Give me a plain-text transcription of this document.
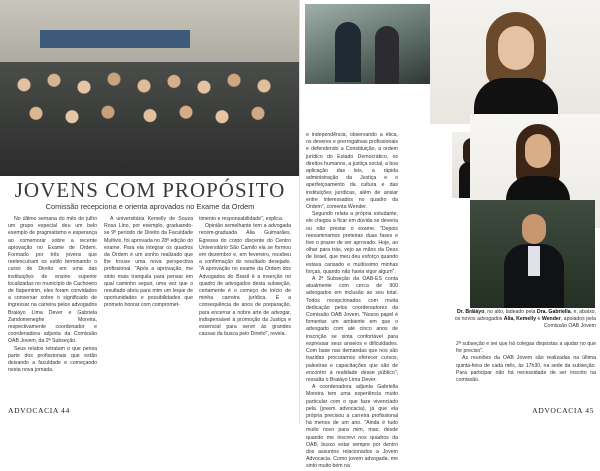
JOVENS COM PROPÓSITO
Comissão recepciona e orienta aprovados no Exame da Ordem

No último semana do mês de julho um grupo especial deu um belo exemplo de pragmatismo e esperança ao comemorar sobre a recente aprovação no Exame de Ordem. Formado por três jovens que reelencuíram os estilo terminando o curso de Direito em uma das instituições de ensino superior localizadas no município de Cachoeiro de Itapemirim, eles foram convidados a conversar sobre o significado de ingressar na carreira pelos advogados Braiáyo Lima Dever e Gabriela Zandomeneghe Moreira, respectivamente coordenador e coordenadora adjunta da Comissão OAB Jovem, da 2ª Subseção.

Seus relatos retratam o que pensa parte dos profissionais que estão deixando a faculdade e começando nesta nova jornada.

A universitária Kemelly de Souza Rosa Lino, por exemplo, graduando-se 9º período de Direito da Faculdade Multivix, foi aprovada no 28º edição do exame. Para ela integrar os quadros da Ordem é um sonho realizado que lhe trouxe uma nova perspectiva profissional. "Após a aprovação, me sinto mais tranquila para pensar em qual caminho seguir, uma vez que o resultado abriu para mim um leque de oportunidades e possibilidades que prometo honrar com compromet-

timento e responsabilidade", explica.

Opinião semelhante tem a advogada recém-graduada Alia Guimarães. Egressa do corpo discente do Centro Universitário São Camilo ela se formou em dezembro e, em fevereiro, recebeu a confirmação do resultado desejado. "A aprovação no exame da Ordem dos Advogados do Brasil é a inserção no quadro de advogados desta subseção, certamente é o começo de início de minha carreira jurídica. É a consequência de anos de preparação, para encerrar a nobre arte de advogar, indispensável à promoção da Justiça e essencial para servir às grandes causas da busca pelo Direito", revela.

ADVOCACIA 44

e independência, observando a ética, os deveres e prerrogativas profissionais e defendendo a Constituição, a ordem jurídico do Estado Democrático, os direitos humanos, a justiça social, a boa aplicação das leis, a rápida administração da Justiça e o aperfeiçoamento da cultura e das instituições jurídicas, além de ansiar entre interessados no quadro da Ordem", comenta Wender.

Segundo relata a própria estudante, ele chegou a ficar em dúvida se deveria ou não prestar o exame. "Depois reexaminamos preteiras duas fases e tive o prazer de ser aprovado. Hoje, ao olhar para trás, vejo as mãos da Deus de Israel, que meu deu esforço quando estava cansado e muitíssimo minhas forças, quando não havia vigor algum".

A 2ª Subseção da OAB-ES conta atualmente com cerca de 900 advogados em inclusão ao seu total. Todos recepcionados com muita dedicação pelos coordenadores da Comissão OAB Jovem. "Nosso papel é fomentar um ambiente em que o advogado com até cinco anos de inscrição se sinta confortável para expressar seus anseios e dificuldades. Com base nas demandas que nos são trazidas procuramos oferecer cursos, palestras e capacitações que são de encontro à realidade desse público", ressalta o Braiáyo Lima Dever.

A coordenadora adjunta Gabriella Moreira tem uma experiência muito particular com o que faze vivenciado pela (jovem advocacia), já que ela própria precisou a carreira profissional há menos de um ano. "Ainda é tudo muito novo para mim, mas, desde quando me inscrevi nos quadros da OAB, busco estar sempre por dentro dos assuntos relacionados a Jovem Advocacia. Como jovem advogada, me sinto muito bem na

Dr. Brâiáyo, no alto, ladeado pela Dra. Gabriella, e, abaixo, os novos advogados Alia, Kemelly e Wender, apoiados pela Comissão OAB Jovem

2ª subseção e sei que há colegas dispostas a ajudar no que for preciso".

As reuniões da OAB Jovem são realizadas na última quinta-feira de cada mês, às 17h30, na sede da subseção. Para participar não há necessidade de ser inscrito na comissão.

ADVOCACIA 45
